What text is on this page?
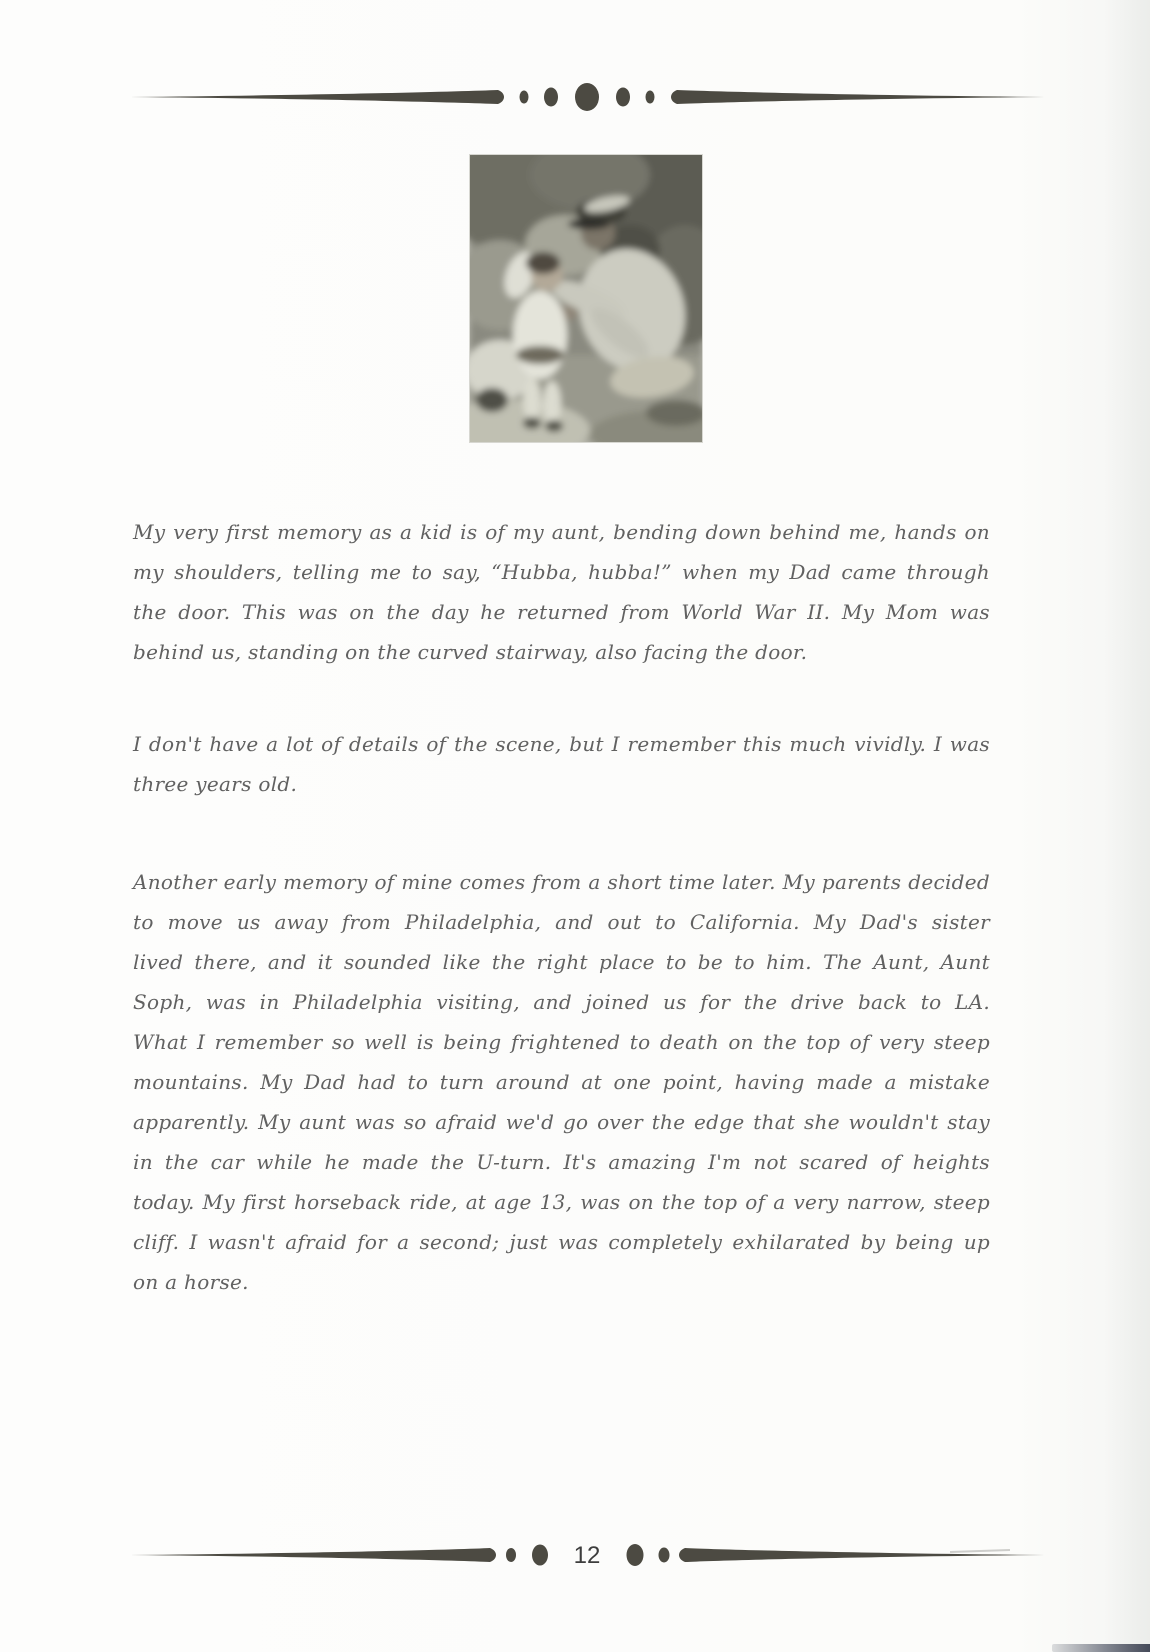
My very first memory as a kid is of my aunt, bending down behind me, hands on
my shoulders, telling me to say, “Hubba, hubba!” when my Dad came through
the door. This was on the day he returned from World War II. My Mom was
behind us, standing on the curved stairway, also facing the door.
I don't have a lot of details of the scene, but I remember this much vividly. I was
three years old.
Another early memory of mine comes from a short time later. My parents decided
to move us away from Philadelphia, and out to California. My Dad's sister
lived there, and it sounded like the right place to be to him. The Aunt, Aunt
Soph, was in Philadelphia visiting, and joined us for the drive back to LA.
What I remember so well is being frightened to death on the top of very steep
mountains. My Dad had to turn around at one point, having made a mistake
apparently. My aunt was so afraid we'd go over the edge that she wouldn't stay
in the car while he made the U-turn. It's amazing I'm not scared of heights
today. My first horseback ride, at age 13, was on the top of a very narrow, steep
cliff. I wasn't afraid for a second; just was completely exhilarated by being up
on a horse.
12
